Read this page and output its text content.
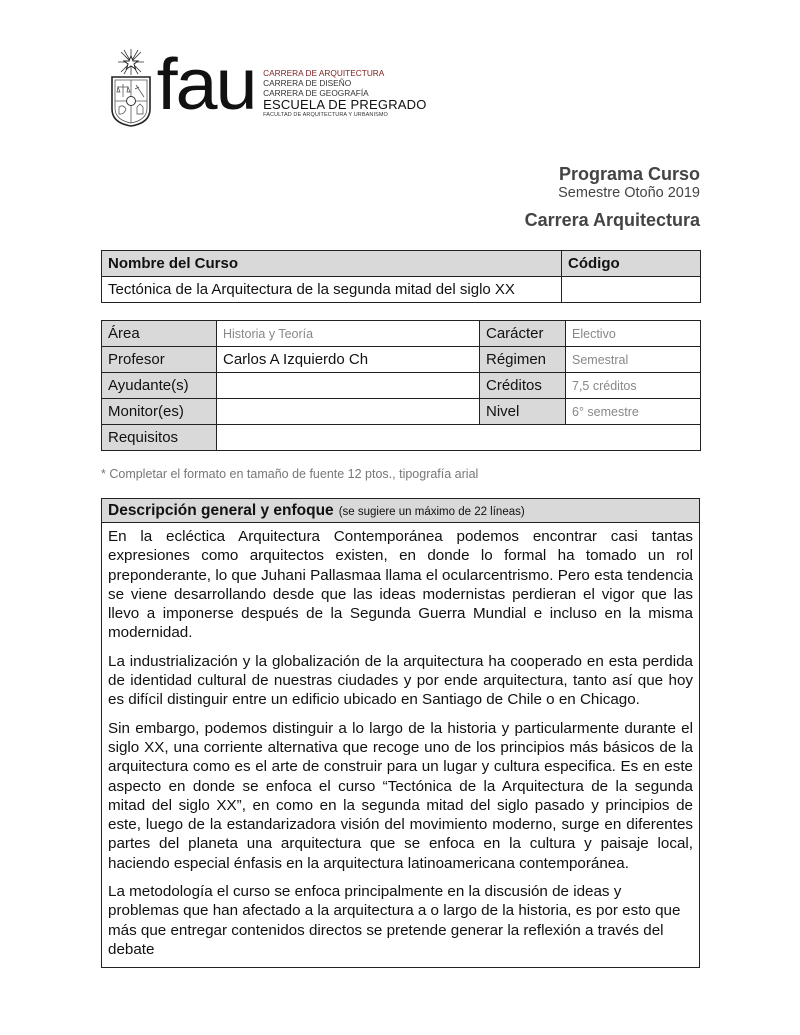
fau CARRERA DE ARQUITECTURA
CARRERA DE DISEÑO
CARRERA DE GEOGRAFÍA
ESCUELA DE PREGRADO
FACULTAD DE ARQUITECTURA Y URBANISMO
Programa Curso
Semestre Otoño 2019
Carrera Arquitectura
Nombre del Curso	Código
Tectónica de la Arquitectura de la segunda mitad del siglo XX	
Área	Historia y Teoría	Carácter	Electivo
Profesor	Carlos A Izquierdo Ch	Régimen	Semestral
Ayudante(s)		Créditos	7,5 créditos
Monitor(es)		Nivel	6° semestre
Requisitos			
* Completar el formato en tamaño de fuente 12 ptos., tipografía arial
Descripción general y enfoque (se sugiere un máximo de 22 líneas)

En la ecléctica Arquitectura Contemporánea podemos encontrar casi tantas expresiones como arquitectos existen, en donde lo formal ha tomado un rol preponderante, lo que Juhani Pallasmaa llama el ocularcentrismo. Pero esta tendencia se viene desarrollando desde que las ideas modernistas perdieran el vigor que las llevo a imponerse después de la Segunda Guerra Mundial e incluso en la misma modernidad.

La industrialización y la globalización de la arquitectura ha cooperado en esta perdida de identidad cultural de nuestras ciudades y por ende arquitectura, tanto así que hoy es difícil distinguir entre un edificio ubicado en Santiago de Chile o en Chicago.

Sin embargo, podemos distinguir a lo largo de la historia y particularmente durante el siglo XX, una corriente alternativa que recoge uno de los principios más básicos de la arquitectura como es el arte de construir para un lugar y cultura especifica. Es en este aspecto en donde se enfoca el curso “Tectónica de la Arquitectura de la segunda mitad del siglo XX”, en como en la segunda mitad del siglo pasado y principios de este, luego de la estandarizadora visión del movimiento moderno, surge en diferentes partes del planeta una arquitectura que se enfoca en la cultura y paisaje local, haciendo especial énfasis en la arquitectura latinoamericana contemporánea.

La metodología el curso se enfoca principalmente en la discusión de ideas y problemas que han afectado a la arquitectura a o largo de la historia, es por esto que más que entregar contenidos directos se pretende generar la reflexión a través del debate
